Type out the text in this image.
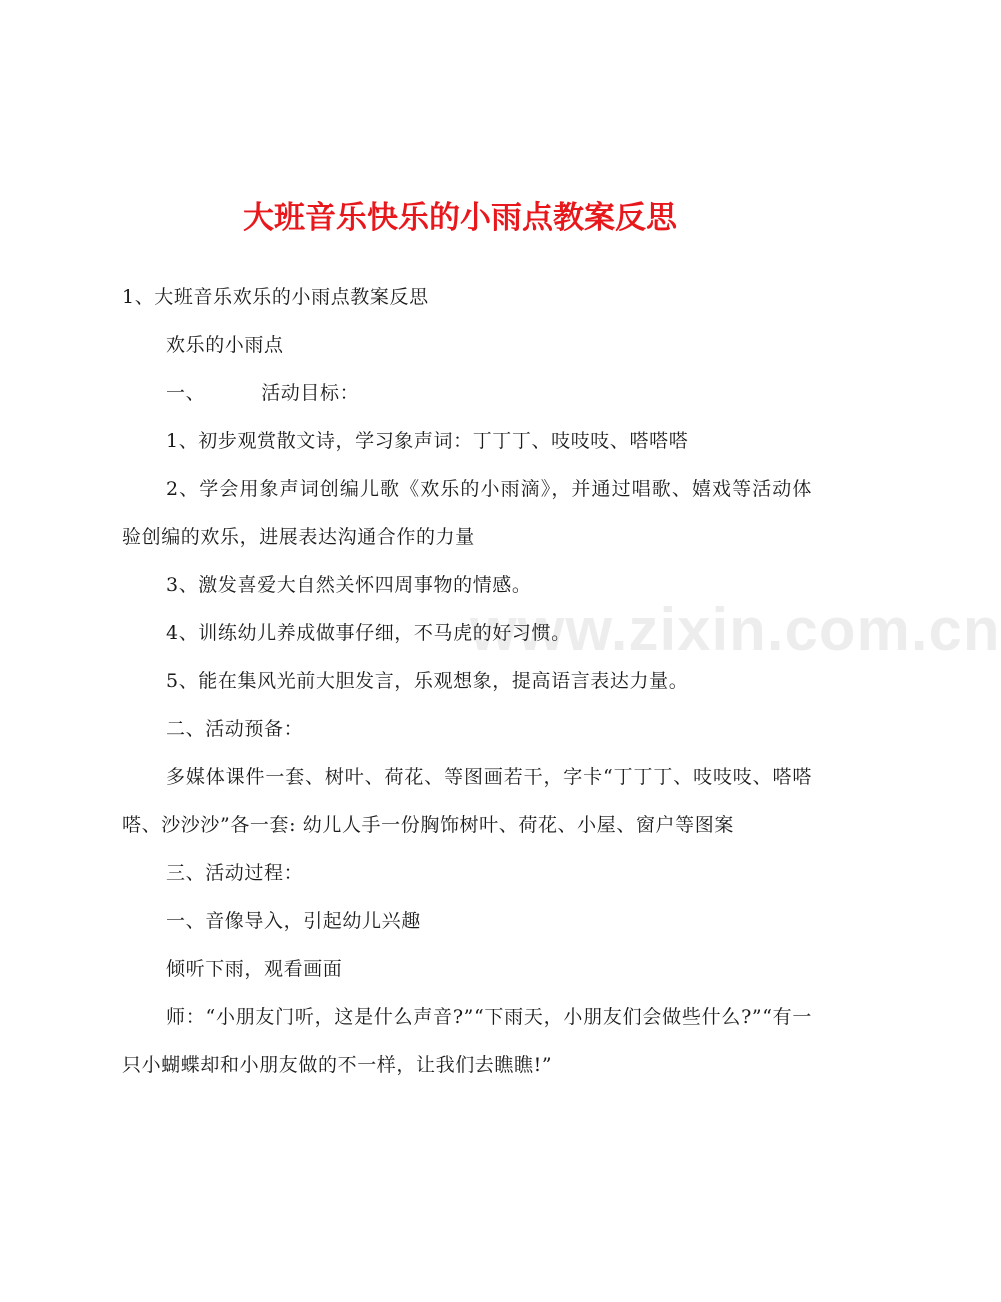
大班音乐快乐的小雨点教案反思
www.zixin.com.cn

1、大班音乐欢乐的小雨点教案反思

欢乐的小雨点

一、	活动目标：

1、初步观赏散文诗，学习象声词：丁丁丁、吱吱吱、嗒嗒嗒

2、学会用象声词创编儿歌《欢乐的小雨滴》，并通过唱歌、嬉戏等活动体验创编的欢乐，进展表达沟通合作的力量

3、激发喜爱大自然关怀四周事物的情感。

4、训练幼儿养成做事仔细，不马虎的好习惯。

5、能在集风光前大胆发言，乐观想象，提高语言表达力量。

二、活动预备：

多媒体课件一套、树叶、荷花、等图画若干，字卡“丁丁丁、吱吱吱、嗒嗒嗒、沙沙沙”各一套: 幼儿人手一份胸饰树叶、荷花、小屋、窗户等图案

三、活动过程：

一、音像导入，引起幼儿兴趣

倾听下雨，观看画面

师：“小朋友门听，这是什么声音?”“下雨天，小朋友们会做些什么?”“有一只小蝴蝶却和小朋友做的不一样，让我们去瞧瞧!”
